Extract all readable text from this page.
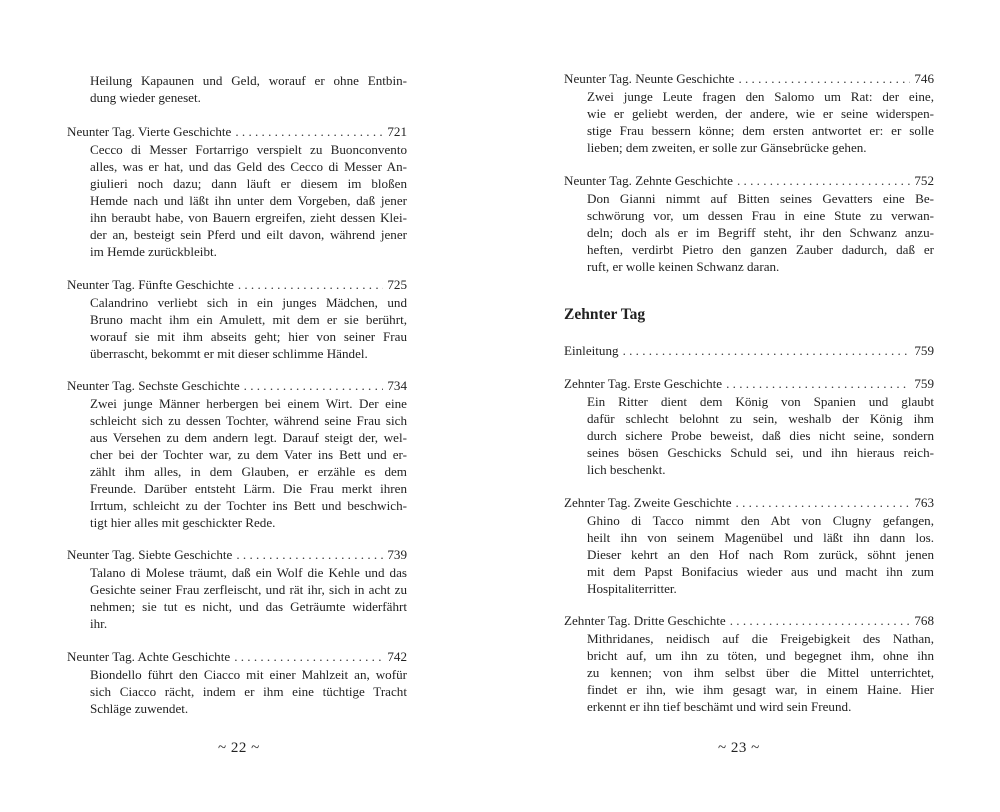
Heilung Kapaunen und Geld, worauf er ohne Entbin-
dung wieder geneset.
Neunter Tag. Vierte Geschichte . . .	721
Cecco di Messer Fortarrigo verspielt zu Buonconvento
alles, was er hat, und das Geld des Cecco di Messer An-
giulieri noch dazu; dann läuft er diesem im bloßen
Hemde nach und läßt ihn unter dem Vorgeben, daß jener
ihn beraubt habe, von Bauern ergreifen, zieht dessen Klei-
der an, besteigt sein Pferd und eilt davon, während jener
im Hemde zurückbleibt.
Neunter Tag. Fünfte Geschichte . . .	725
Calandrino verliebt sich in ein junges Mädchen, und
Bruno macht ihm ein Amulett, mit dem er sie berührt,
worauf sie mit ihm abseits geht; hier von seiner Frau
überrascht, bekommt er mit dieser schlimme Händel.
Neunter Tag. Sechste Geschichte . . .	734
Zwei junge Männer herbergen bei einem Wirt. Der eine
schleicht sich zu dessen Tochter, während seine Frau sich
aus Versehen zu dem andern legt. Darauf steigt der, wel-
cher bei der Tochter war, zu dem Vater ins Bett und er-
zählt ihm alles, in dem Glauben, er erzähle es dem
Freunde. Darüber entsteht Lärm. Die Frau merkt ihren
Irrtum, schleicht zu der Tochter ins Bett und beschwich-
tigt hier alles mit geschickter Rede.
Neunter Tag. Siebte Geschichte . . .	739
Talano di Molese träumt, daß ein Wolf die Kehle und das
Gesichte seiner Frau zerfleischt, und rät ihr, sich in acht zu
nehmen; sie tut es nicht, und das Geträumte widerfährt
ihr.
Neunter Tag. Achte Geschichte . . .	742
Biondello führt den Ciacco mit einer Mahlzeit an, wofür
sich Ciacco rächt, indem er ihm eine tüchtige Tracht
Schläge zuwendet.
~ 22 ~
Neunter Tag. Neunte Geschichte . . .	746
Zwei junge Leute fragen den Salomo um Rat: der eine,
wie er geliebt werden, der andere, wie er seine widerspen-
stige Frau bessern könne; dem ersten antwortet er: er solle
lieben; dem zweiten, er solle zur Gänsebrücke gehen.
Neunter Tag. Zehnte Geschichte . . .	752
Don Gianni nimmt auf Bitten seines Gevatters eine Be-
schwörung vor, um dessen Frau in eine Stute zu verwan-
deln; doch als er im Begriff steht, ihr den Schwanz anzu-
heften, verdirbt Pietro den ganzen Zauber dadurch, daß er
ruft, er wolle keinen Schwanz daran.
Zehnter Tag
Einleitung . . .	759
Zehnter Tag. Erste Geschichte . . .	759
Ein Ritter dient dem König von Spanien und glaubt
dafür schlecht belohnt zu sein, weshalb der König ihm
durch sichere Probe beweist, daß dies nicht seine, sondern
seines bösen Geschicks Schuld sei, und ihn hieraus reich-
lich beschenkt.
Zehnter Tag. Zweite Geschichte . . .	763
Ghino di Tacco nimmt den Abt von Clugny gefangen,
heilt ihn von seinem Magenübel und läßt ihn dann los.
Dieser kehrt an den Hof nach Rom zurück, söhnt jenen
mit dem Papst Bonifacius wieder aus und macht ihn zum
Hospitaliterritter.
Zehnter Tag. Dritte Geschichte . . .	768
Mithridanes, neidisch auf die Freigebigkeit des Nathan,
bricht auf, um ihn zu töten, und begegnet ihm, ohne ihn
zu kennen; von ihm selbst über die Mittel unterrichtet,
findet er ihn, wie ihm gesagt war, in einem Haine. Hier
erkennt er ihn tief beschämt und wird sein Freund.
~ 23 ~
